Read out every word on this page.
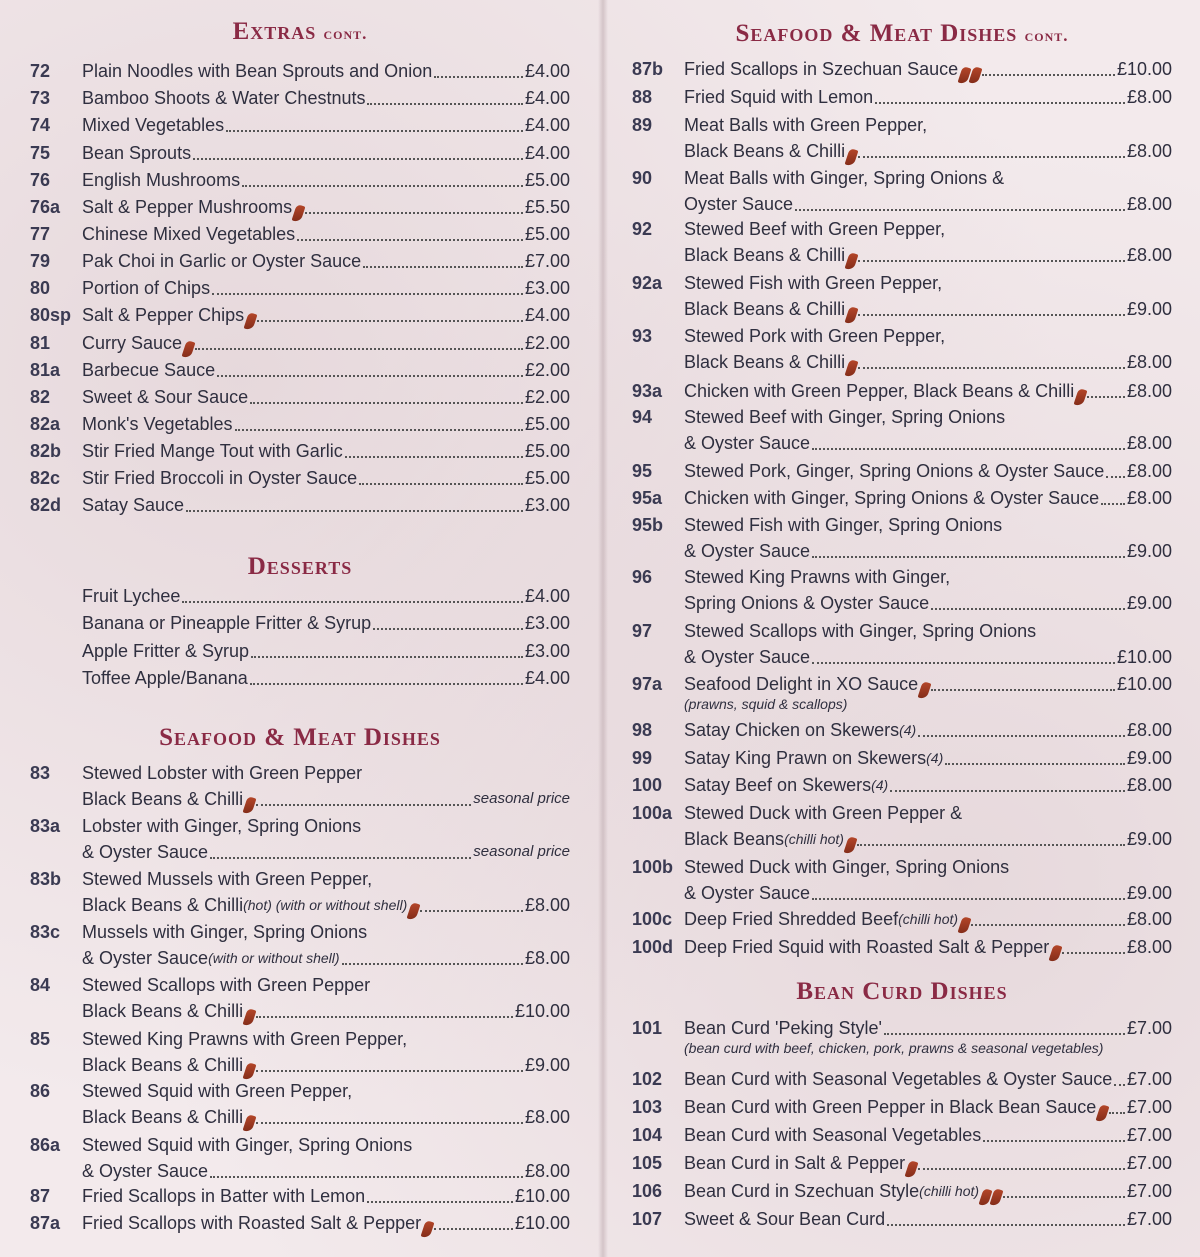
Extras cont.
72	Plain Noodles with Bean Sprouts and Onion	£4.00
73	Bamboo Shoots & Water Chestnuts	£4.00
74	Mixed Vegetables	£4.00
75	Bean Sprouts	£4.00
76	English Mushrooms	£5.00
76a	Salt & Pepper Mushrooms	£5.50
77	Chinese Mixed Vegetables	£5.00
79	Pak Choi in Garlic or Oyster Sauce	£7.00
80	Portion of Chips	£3.00
80sp Salt & Pepper Chips	£4.00
81	Curry Sauce	£2.00
81a	Barbecue Sauce	£2.00
82	Sweet & Sour Sauce	£2.00
82a	Monk's Vegetables	£5.00
82b	Stir Fried Mange Tout with Garlic	£5.00
82c	Stir Fried Broccoli in Oyster Sauce	£5.00
82d	Satay Sauce	£3.00
Desserts
Fruit Lychee	£4.00
Banana or Pineapple Fritter & Syrup	£3.00
Apple Fritter & Syrup	£3.00
Toffee Apple/Banana	£4.00
Seafood & Meat Dishes
83	Stewed Lobster with Green Pepper
Black Beans & Chilli	seasonal price
83a	Lobster with Ginger, Spring Onions
& Oyster Sauce	seasonal price
83b	Stewed Mussels with Green Pepper,
Black Beans & Chilli (hot) (with or without shell)	£8.00
83c	Mussels with Ginger, Spring Onions
& Oyster Sauce (with or without shell)	£8.00
84	Stewed Scallops with Green Pepper
Black Beans & Chilli	£10.00
85	Stewed King Prawns with Green Pepper,
Black Beans & Chilli	£9.00
86	Stewed Squid with Green Pepper,
Black Beans & Chilli	£8.00
86a	Stewed Squid with Ginger, Spring Onions
& Oyster Sauce	£8.00
87	Fried Scallops in Batter with Lemon	£10.00
87a	Fried Scallops with Roasted Salt & Pepper	£10.00
Seafood & Meat Dishes cont.
87b	Fried Scallops in Szechuan Sauce	£10.00
88	Fried Squid with Lemon	£8.00
89	Meat Balls with Green Pepper,
Black Beans & Chilli	£8.00
90	Meat Balls with Ginger, Spring Onions &
Oyster Sauce	£8.00
92	Stewed Beef with Green Pepper,
Black Beans & Chilli	£8.00
92a	Stewed Fish with Green Pepper,
Black Beans & Chilli	£9.00
93	Stewed Pork with Green Pepper,
Black Beans & Chilli	£8.00
93a	Chicken with Green Pepper, Black Beans & Chilli	£8.00
94	Stewed Beef with Ginger, Spring Onions
& Oyster Sauce	£8.00
95	Stewed Pork, Ginger, Spring Onions & Oyster Sauce £8.00
95a	Chicken with Ginger, Spring Onions & Oyster Sauce £8.00
95b	Stewed Fish with Ginger, Spring Onions
& Oyster Sauce	£9.00
96	Stewed King Prawns with Ginger,
Spring Onions & Oyster Sauce	£9.00
97	Stewed Scallops with Ginger, Spring Onions
& Oyster Sauce	£10.00
97a	Seafood Delight in XO Sauce	£10.00
(prawns, squid & scallops)
98	Satay Chicken on Skewers (4)	£8.00
99	Satay King Prawn on Skewers (4)	£9.00
100	Satay Beef on Skewers (4)	£8.00
100a Stewed Duck with Green Pepper &
Black Beans (chilli hot)	£9.00
100b Stewed Duck with Ginger, Spring Onions
& Oyster Sauce	£9.00
100c Deep Fried Shredded Beef (chilli hot)	£8.00
100d Deep Fried Squid with Roasted Salt & Pepper	£8.00
Bean Curd Dishes
101	Bean Curd 'Peking Style'	£7.00
(bean curd with beef, chicken, pork, prawns & seasonal vegetables)
102	Bean Curd with Seasonal Vegetables & Oyster Sauce £7.00
103	Bean Curd with Green Pepper in Black Bean Sauce £7.00
104	Bean Curd with Seasonal Vegetables	£7.00
105	Bean Curd in Salt & Pepper	£7.00
106	Bean Curd in Szechuan Style (chilli hot)	£7.00
107	Sweet & Sour Bean Curd	£7.00
